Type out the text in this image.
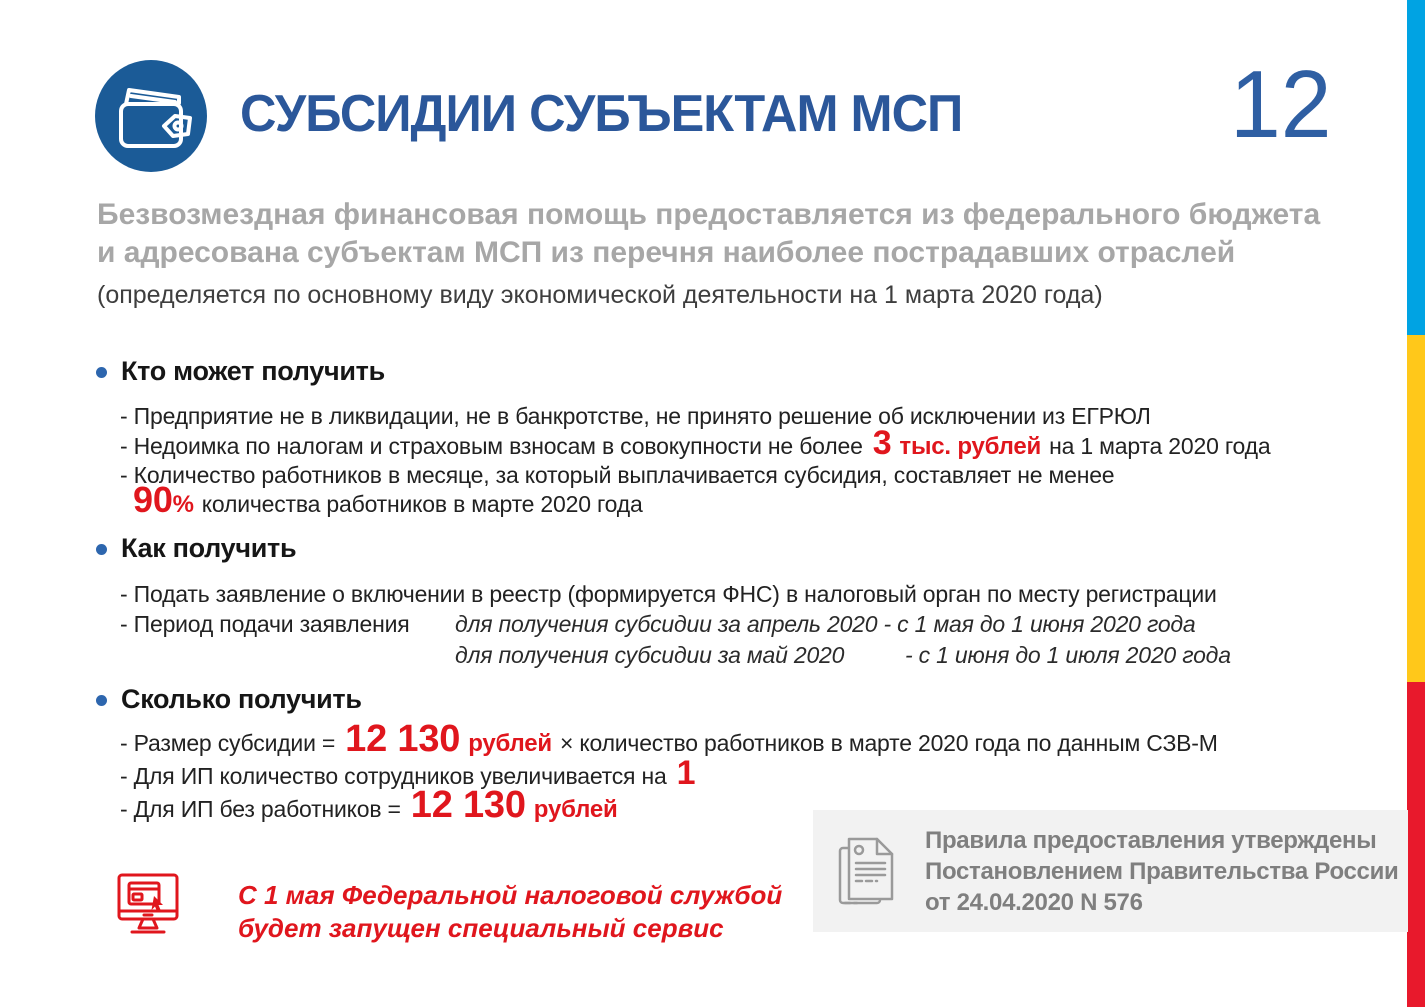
СУБСИДИИ СУБЪЕКТАМ МСП	12
Безвозмездная финансовая помощь предоставляется из федерального бюджета
и адресована субъектам МСП из перечня наиболее пострадавших отраслей
(определяется по основному виду экономической деятельности на 1 марта 2020 года)
Кто может получить
- Предприятие не в ликвидации, не в банкротстве, не принято решение об исключении из ЕГРЮЛ
- Недоимка по налогам и страховым взносам в совокупности не более 3 тыс. рублей на 1 марта 2020 года
- Количество работников в месяце, за который выплачивается субсидия, составляет не менее
90 % количества работников в марте 2020 года
Как получить
- Подать заявление о включении в реестр (формируется ФНС) в налоговый орган по месту регистрации
- Период подачи заявления для получения субсидии за апрель 2020 - с 1 мая до 1 июня 2020 года
для получения субсидии за май 2020	- с 1 июня до 1 июля 2020 года
Сколько получить
- Размер субсидии = 12 130 рублей × количество работников в марте 2020 года по данным СЗВ-М
- Для ИП количество сотрудников увеличивается на 1
- Для ИП без работников = 12 130 рублей
С 1 мая Федеральной налоговой службой
будет запущен специальный сервис
Правила предоставления утверждены
Постановлением Правительства России
от 24.04.2020 N 576
